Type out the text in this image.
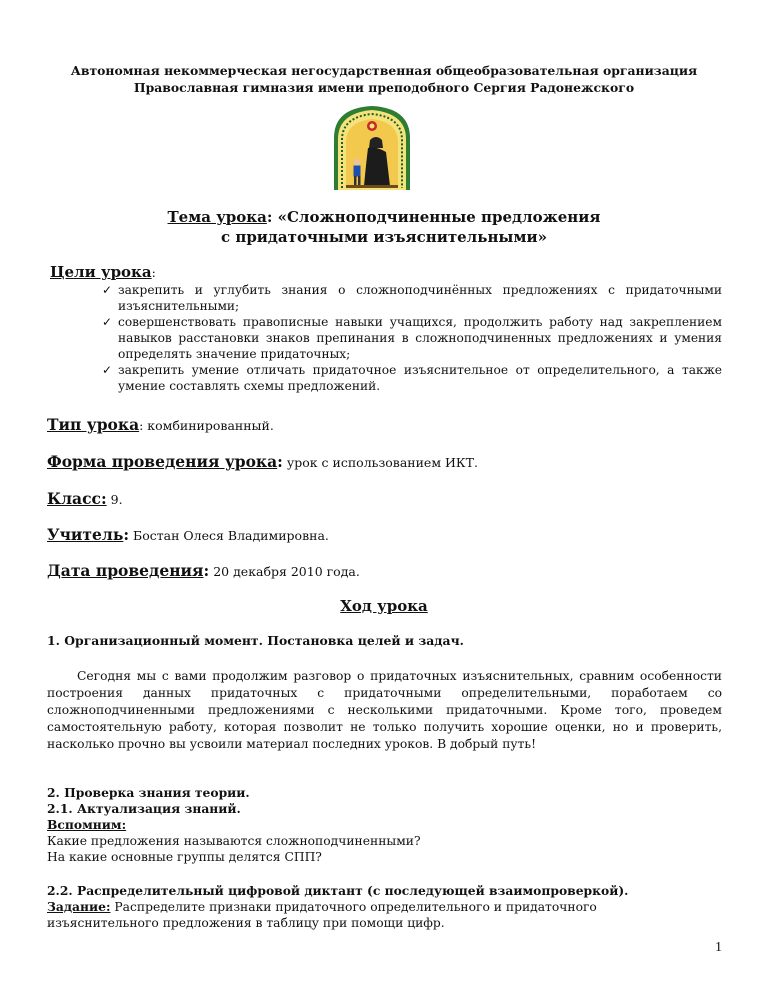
Автономная некоммерческая негосударственная общеобразовательная организация
Православная гимназия имени преподобного Сергия Радонежского
Тема урока: «Сложноподчиненные предложения
с придаточными изъяснительными»
Цели урока:
✓ закрепить и углубить знания о сложноподчинённых предложениях с придаточными изъяснительными;
✓ совершенствовать правописные навыки учащихся, продолжить работу над закреплением навыков расстановки знаков препинания в сложноподчиненных предложениях и умения определять значение придаточных;
✓ закрепить умение отличать придаточное изъяснительное от определительного, а также умение составлять схемы предложений.
Тип урока: комбинированный.
Форма проведения урока: урок с использованием ИКТ.
Класс: 9.
Учитель: Бостан Олеся Владимировна.
Дата проведения: 20 декабря 2010 года.
Ход урока
1. Организационный момент. Постановка целей и задач.
Сегодня мы с вами продолжим разговор о придаточных изъяснительных, сравним особенности построения данных придаточных с придаточными определительными, поработаем со сложноподчиненными предложениями с несколькими придаточными. Кроме того, проведем самостоятельную работу, которая позволит не только получить хорошие оценки, но и проверить, насколько прочно вы усвоили материал последних уроков. В добрый путь!
2. Проверка знания теории.
2.1. Актуализация знаний.
Вспомним:
Какие предложения называются сложноподчиненными?
На какие основные группы делятся СПП?
2.2. Распределительный цифровой диктант (с последующей взаимопроверкой).
Задание: Распределите признаки придаточного определительного и придаточного изъяснительного предложения в таблицу при помощи цифр.
1
